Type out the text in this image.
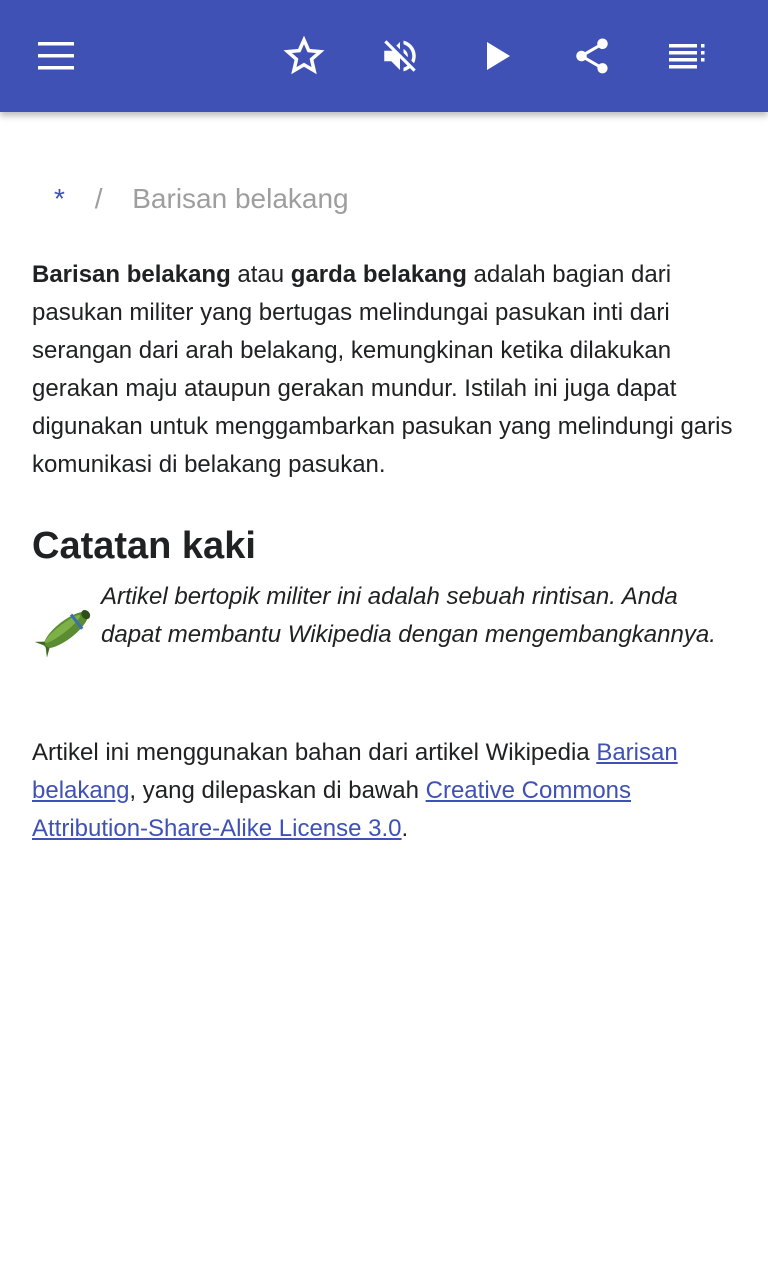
* / Barisan belakang
Barisan belakang atau garda belakang adalah bagian dari pasukan militer yang bertugas melindungai pasukan inti dari serangan dari arah belakang, kemungkinan ketika dilakukan gerakan maju ataupun gerakan mundur. Istilah ini juga dapat digunakan untuk menggambarkan pasukan yang melindungi garis komunikasi di belakang pasukan.
Catatan kaki
Artikel bertopik militer ini adalah sebuah rintisan. Anda dapat membantu Wikipedia dengan mengembangkannya.
Artikel ini menggunakan bahan dari artikel Wikipedia Barisan belakang, yang dilepaskan di bawah Creative Commons Attribution-Share-Alike License 3.0.
